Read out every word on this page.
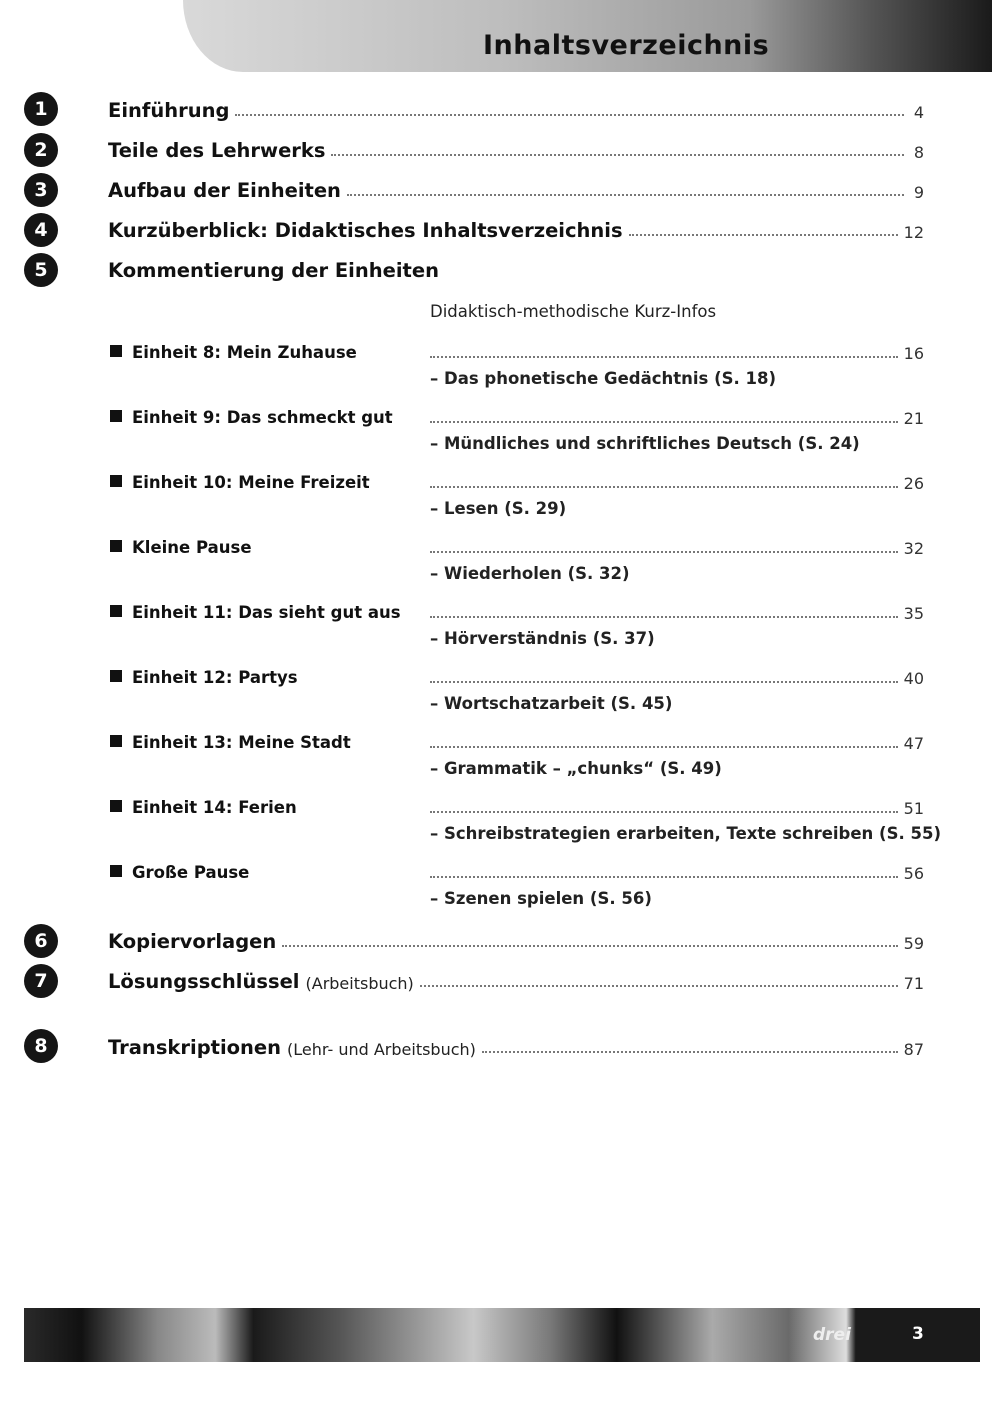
Inhaltsverzeichnis
1	Einführung	4
2	Teile des Lehrwerks	8
3	Aufbau der Einheiten	9
4	Kurzüberblick: Didaktisches Inhaltsverzeichnis	12
5	Kommentierung der Einheiten
Didaktisch-methodische Kurz-Infos
Einheit 8: Mein Zuhause	16
– Das phonetische Gedächtnis (S. 18)
Einheit 9: Das schmeckt gut	21
– Mündliches und schriftliches Deutsch (S. 24)
Einheit 10: Meine Freizeit	26
– Lesen (S. 29)
Kleine Pause	32
– Wiederholen (S. 32)
Einheit 11: Das sieht gut aus	35
– Hörverständnis (S. 37)
Einheit 12: Partys	40
– Wortschatzarbeit (S. 45)
Einheit 13: Meine Stadt	47
– Grammatik – „chunks“ (S. 49)
Einheit 14: Ferien	51
– Schreibstrategien erarbeiten, Texte schreiben (S. 55)
Große Pause	56
– Szenen spielen (S. 56)
6	Kopiervorlagen	59
7	Lösungsschlüssel (Arbeitsbuch)	71
8	Transkriptionen (Lehr- und Arbeitsbuch)	87
drei	3
